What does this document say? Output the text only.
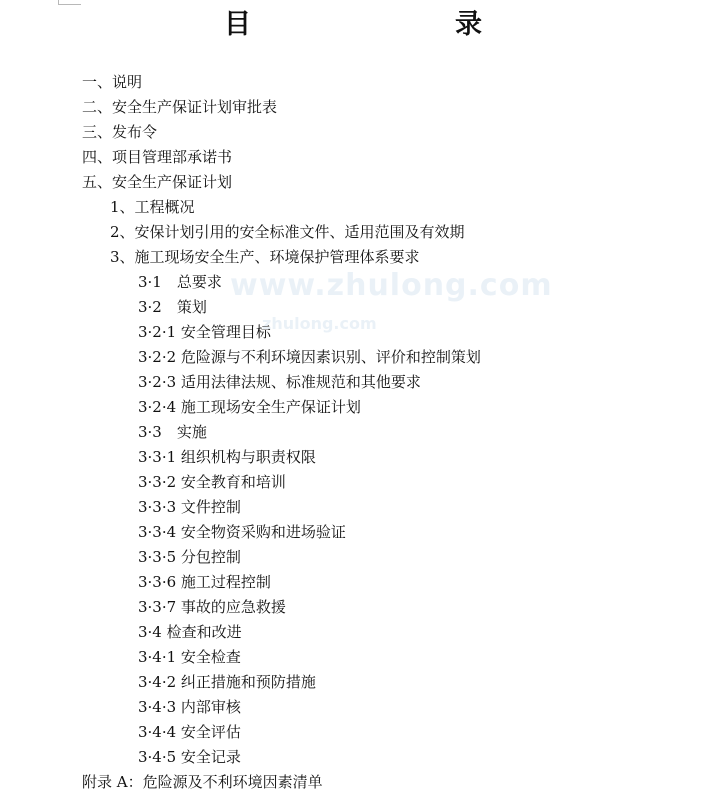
目　　录
www.zhulong.com
zhulong.com
一、说明
二、安全生产保证计划审批表
三、发布令
四、项目管理部承诺书
五、安全生产保证计划
1、工程概况
2、安保计划引用的安全标准文件、适用范围及有效期
3、施工现场安全生产、环境保护管理体系要求
3·1　总要求
3·2　策划
3·2·1 安全管理目标
3·2·2 危险源与不利环境因素识别、评价和控制策划
3·2·3 适用法律法规、标准规范和其他要求
3·2·4 施工现场安全生产保证计划
3·3　实施
3·3·1 组织机构与职责权限
3·3·2 安全教育和培训
3·3·3 文件控制
3·3·4 安全物资采购和进场验证
3·3·5 分包控制
3·3·6 施工过程控制
3·3·7 事故的应急救援
3·4 检查和改进
3·4·1 安全检查
3·4·2 纠正措施和预防措施
3·4·3 内部审核
3·4·4 安全评估
3·4·5 安全记录
附录 A：危险源及不利环境因素清单
